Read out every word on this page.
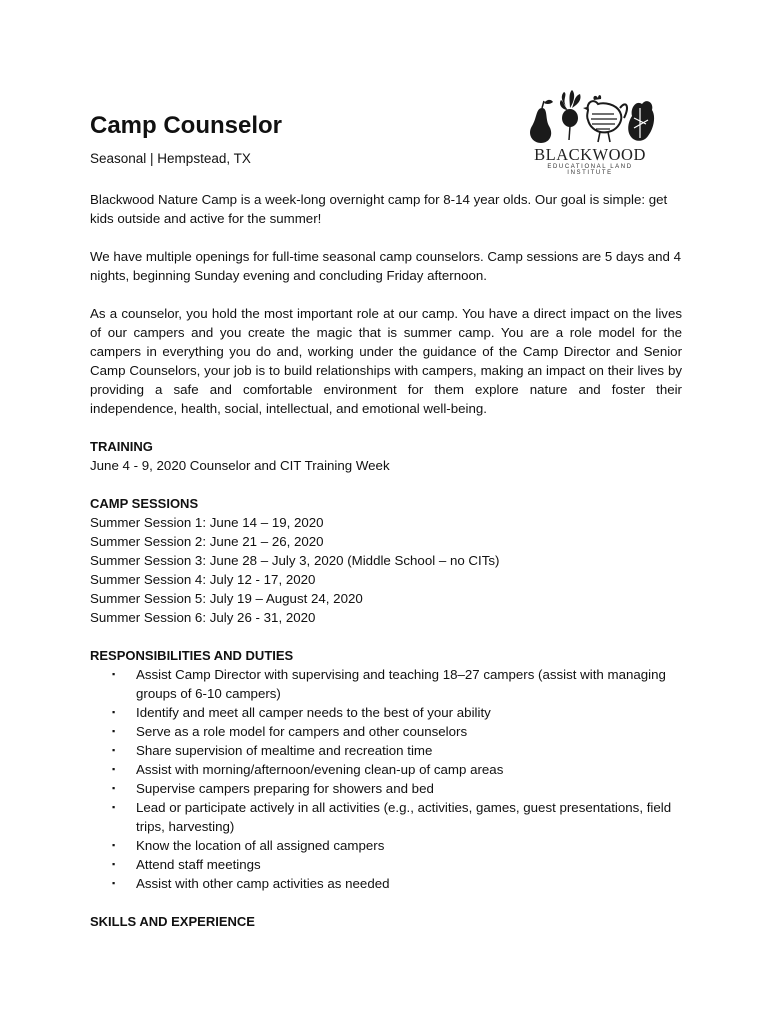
BLACKWOOD
EDUCATIONAL LAND INSTITUTE
Camp Counselor
Seasonal | Hempstead, TX

Blackwood Nature Camp is a week-long overnight camp for 8-14 year olds. Our goal is simple: get kids outside and active for the summer!

We have multiple openings for full-time seasonal camp counselors. Camp sessions are 5 days and 4 nights, beginning Sunday evening and concluding Friday afternoon.

As a counselor, you hold the most important role at our camp. You have a direct impact on the lives of our campers and you create the magic that is summer camp. You are a role model for the campers in everything you do and, working under the guidance of the Camp Director and Senior Camp Counselors, your job is to build relationships with campers, making an impact on their lives by providing a safe and comfortable environment for them explore nature and foster their independence, health, social, intellectual, and emotional well-being.

TRAINING

June 4 - 9, 2020 Counselor and CIT Training Week

CAMP SESSIONS

Summer Session 1: June 14 – 19, 2020

Summer Session 2: June 21 – 26, 2020

Summer Session 3: June 28 – July 3, 2020 (Middle School – no CITs)

Summer Session 4: July 12 - 17, 2020

Summer Session 5: July 19 – August 24, 2020

Summer Session 6: July 26 - 31, 2020

RESPONSIBILITIES AND DUTIES

▪ Assist Camp Director with supervising and teaching 18–27 campers (assist with managing groups of 6-10 campers)
▪ Identify and meet all camper needs to the best of your ability
▪ Serve as a role model for campers and other counselors
▪ Share supervision of mealtime and recreation time
▪ Assist with morning/afternoon/evening clean-up of camp areas
▪ Supervise campers preparing for showers and bed
▪ Lead or participate actively in all activities (e.g., activities, games, guest presentations, field trips, harvesting)
▪ Know the location of all assigned campers
▪ Attend staff meetings
▪ Assist with other camp activities as needed

SKILLS AND EXPERIENCE
